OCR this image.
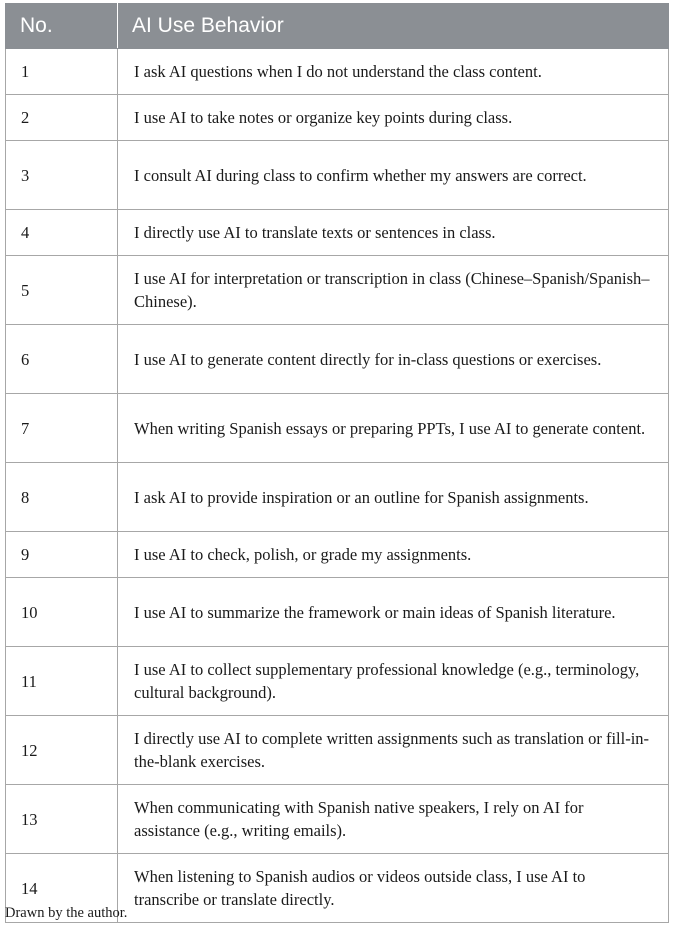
No.	AI Use Behavior
1	I ask AI questions when I do not understand the class content.
2	I use AI to take notes or organize key points during class.
3	I consult AI during class to confirm whether my answers are correct.
4	I directly use AI to translate texts or sentences in class.
5	I use AI for interpretation or transcription in class (Chinese–Spanish/Spanish–Chinese).
6	I use AI to generate content directly for in-class questions or exercises.
7	When writing Spanish essays or preparing PPTs, I use AI to generate content.
8	I ask AI to provide inspiration or an outline for Spanish assignments.
9	I use AI to check, polish, or grade my assignments.
10	I use AI to summarize the framework or main ideas of Spanish literature.
11	I use AI to collect supplementary professional knowledge (e.g., terminology, cultural background).
12	I directly use AI to complete written assignments such as translation or fill-in-the-blank exercises.
13	When communicating with Spanish native speakers, I rely on AI for assistance (e.g., writing emails).
14	When listening to Spanish audios or videos outside class, I use AI to transcribe or translate directly.
Drawn by the author.
